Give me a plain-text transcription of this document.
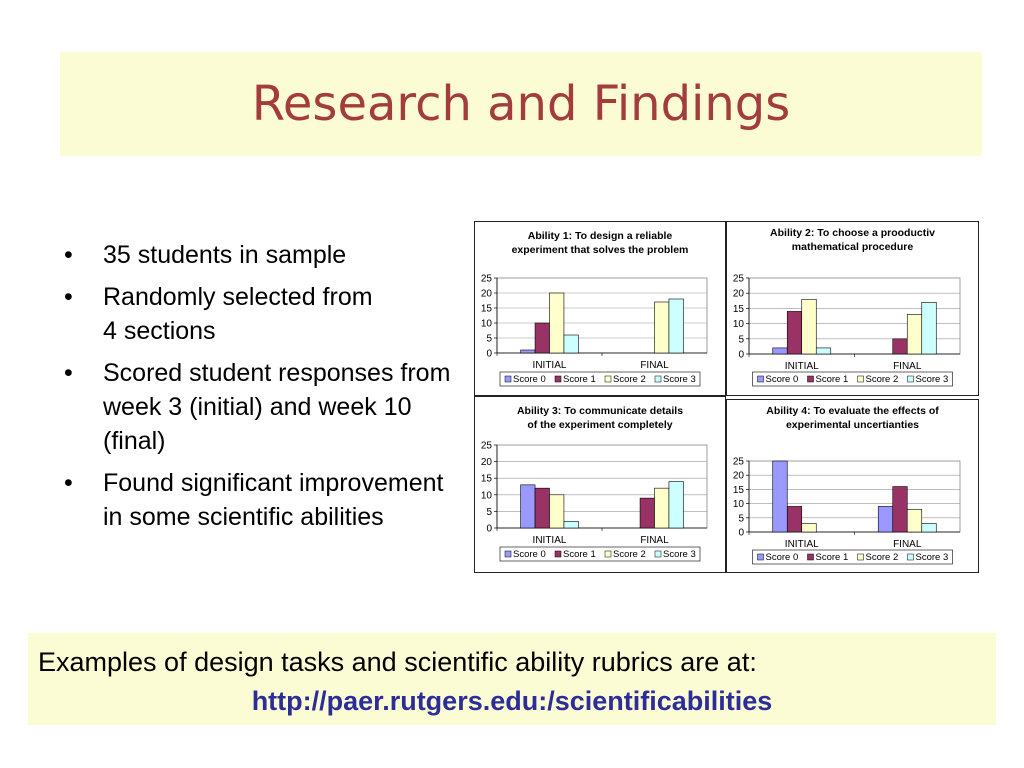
Research and Findings
• 35 students in sample
• Randomly selected from
4 sections
• Scored student responses from week 3 (initial) and week 10 (final)
• Found significant improvement in some scientific abilities
Ability 1: To design a reliable
experiment that solves the problem
0
5
10
15
20
25
INITIAL	FINAL
Score 0 Score 1 Score 2 Score 3
Ability 2: To choose a prooductiv
mathematical procedure
0
5
10
15
20
25
INITIAL	FINAL
Score 0 Score 1 Score 2 Score 3
Ability 3: To communicate details
of the experiment completely
0
5
10
15
20
25
INITIAL	FINAL
Score 0 Score 1 Score 2 Score 3
Ability 4: To evaluate the effects of
experimental uncertianties
0
5
10
15
20
25
INITIAL	FINAL
Score 0 Score 1 Score 2 Score 3
Examples of design tasks and scientific ability rubrics are at:
http://paer.rutgers.edu:/scientificabilities
